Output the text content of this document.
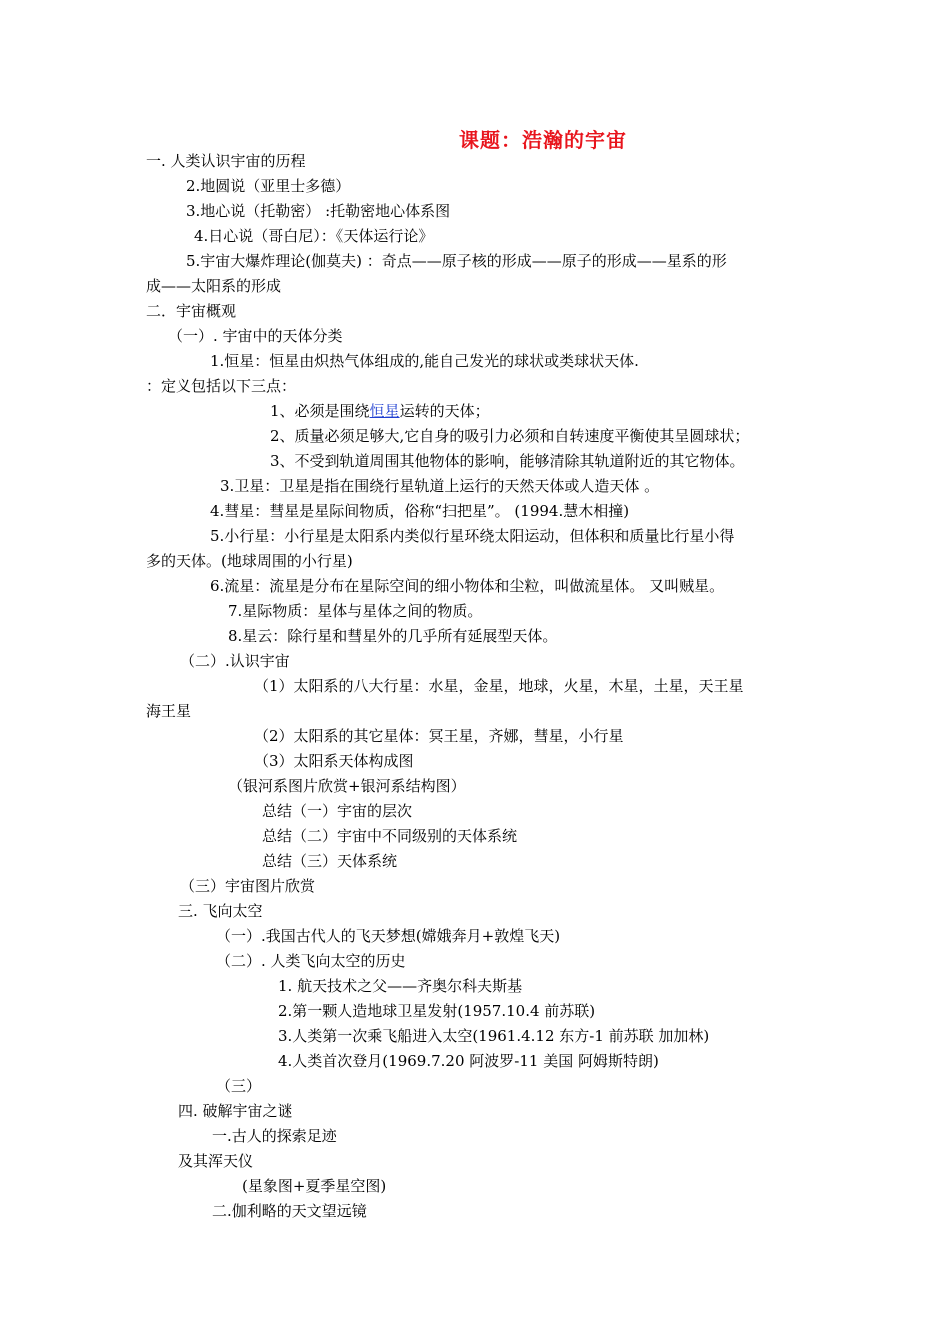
课题：浩瀚的宇宙
一. 人类认识宇宙的历程
2.地圆说（亚里士多德）
3.地心说（托勒密） :托勒密地心体系图
4.日心说（哥白尼）：《天体运行论》
5.宇宙大爆炸理论(伽莫夫) ：奇点——原子核的形成——原子的形成——星系的形
成——太阳系的形成
二．宇宙概观
（一）. 宇宙中的天体分类
1.恒星：恒星由炽热气体组成的,能自己发光的球状或类球状天体.
：定义包括以下三点：
1、必须是围绕恒星运转的天体；
2、质量必须足够大,它自身的吸引力必须和自转速度平衡使其呈圆球状；
3、不受到轨道周围其他物体的影响，能够清除其轨道附近的其它物体。
3.卫星：卫星是指在围绕行星轨道上运行的天然天体或人造天体 。
4.彗星：彗星是星际间物质，俗称“扫把星”。 (1994.慧木相撞)
5.小行星：小行星是太阳系内类似行星环绕太阳运动，但体积和质量比行星小得
多的天体。(地球周围的小行星)
6.流星：流星是分布在星际空间的细小物体和尘粒，叫做流星体。 又叫贼星。
7.星际物质：星体与星体之间的物质。
8.星云：除行星和彗星外的几乎所有延展型天体。
（二）.认识宇宙
（1）太阳系的八大行星：水星，金星，地球，火星，木星，土星，天王星
海王星
（2）太阳系的其它星体：冥王星，齐娜，彗星，小行星
（3）太阳系天体构成图
（银河系图片欣赏+银河系结构图）
总结（一）宇宙的层次
总结（二）宇宙中不同级别的天体系统
总结（三）天体系统
（三）宇宙图片欣赏
三. 飞向太空
（一）.我国古代人的飞天梦想(嫦娥奔月+敦煌飞天)
（二）. 人类飞向太空的历史
1. 航天技术之父——齐奥尔科夫斯基
2.第一颗人造地球卫星发射(1957.10.4 前苏联)
3.人类第一次乘飞船进入太空(1961.4.12 东方-1 前苏联 加加林)
4.人类首次登月(1969.7.20 阿波罗-11 美国 阿姆斯特朗)
（三）
四. 破解宇宙之谜
一.古人的探索足迹
及其浑天仪
(星象图+夏季星空图)
二.伽利略的天文望远镜
